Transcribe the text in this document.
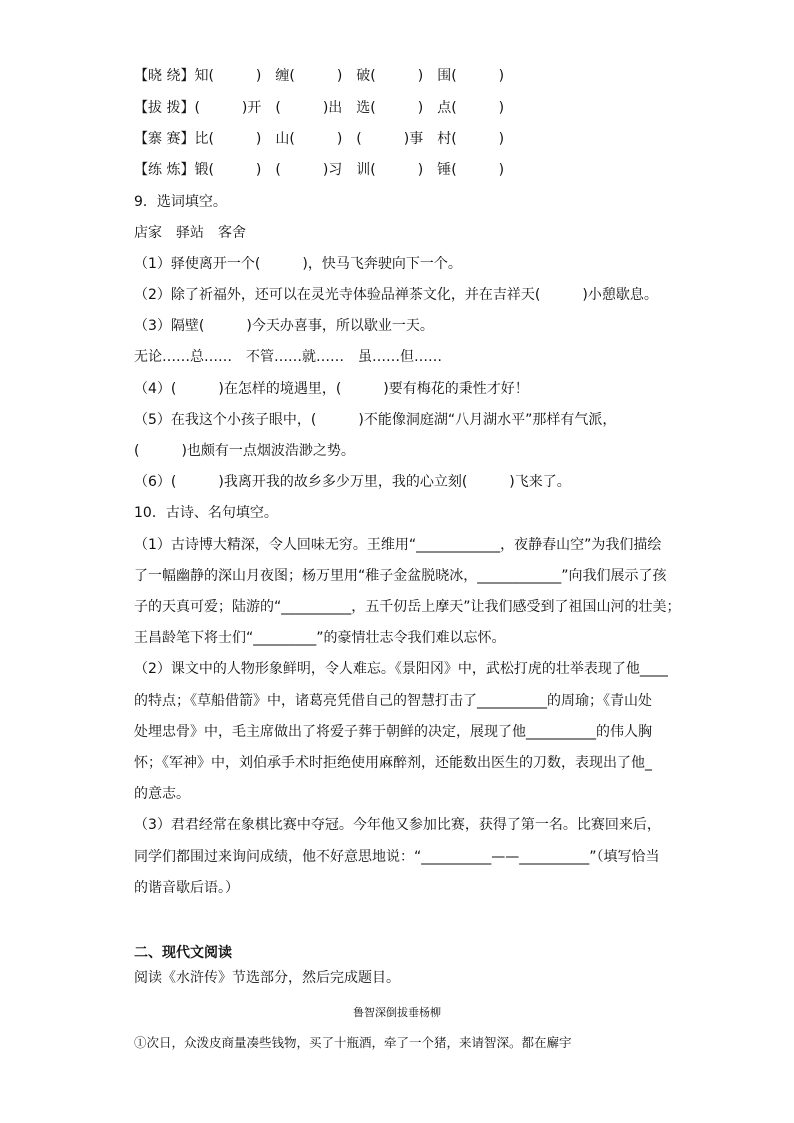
【晓 绕】知(　　　)　缠(　　　)　破(　　　)　围(　　　)
【拔 拨】(　　　)开　(　　　)出　选(　　　)　点(　　　)
【寨 赛】比(　　　)　山(　　　)　(　　　)事　村(　　　)
【练 炼】锻(　　　)　(　　　)习　训(　　　)　锤(　　　)
9．选词填空。
店家　驿站　客舍
（1）驿使离开一个(　　　)，快马飞奔驶向下一个。
（2）除了祈福外，还可以在灵光寺体验品禅茶文化，并在吉祥天(　　　)小憩歇息。
（3）隔壁(　　　)今天办喜事，所以歇业一天。
无论……总……　不管……就……　虽……但……
（4）(　　　)在怎样的境遇里，(　　　)要有梅花的秉性才好！
（5）在我这个小孩子眼中，(　　　)不能像洞庭湖“八月湖水平”那样有气派，
(　　　)也颇有一点烟波浩渺之势。
（6）(　　　)我离开我的故乡多少万里，我的心立刻(　　　)飞来了。
10．古诗、名句填空。
（1）古诗博大精深，令人回味无穷。王维用“____________，夜静春山空”为我们描绘
了一幅幽静的深山月夜图；杨万里用“稚子金盆脱晓冰，____________”向我们展示了孩
子的天真可爱；陆游的“__________，五千仞岳上摩天”让我们感受到了祖国山河的壮美；
王昌龄笔下将士们“_________”的豪情壮志令我们难以忘怀。
（2）课文中的人物形象鲜明，令人难忘。《景阳冈》中，武松打虎的壮举表现了他____
的特点；《草船借箭》中，诸葛亮凭借自己的智慧打击了__________的周瑜；《青山处
处埋忠骨》中，毛主席做出了将爱子葬于朝鲜的决定，展现了他__________的伟人胸
怀；《军神》中，刘伯承手术时拒绝使用麻醉剂，还能数出医生的刀数，表现出了他_
的意志。
（3）君君经常在象棋比赛中夺冠。今年他又参加比赛，获得了第一名。比赛回来后，
同学们都围过来询问成绩，他不好意思地说：“__________——__________”（填写恰当
的谐音歇后语。）
二、现代文阅读
阅读《水浒传》节选部分，然后完成题目。
鲁智深倒拔垂杨柳
①次日，众泼皮商量凑些钱物，买了十瓶酒，牵了一个猪，来请智深。都在廨宇
